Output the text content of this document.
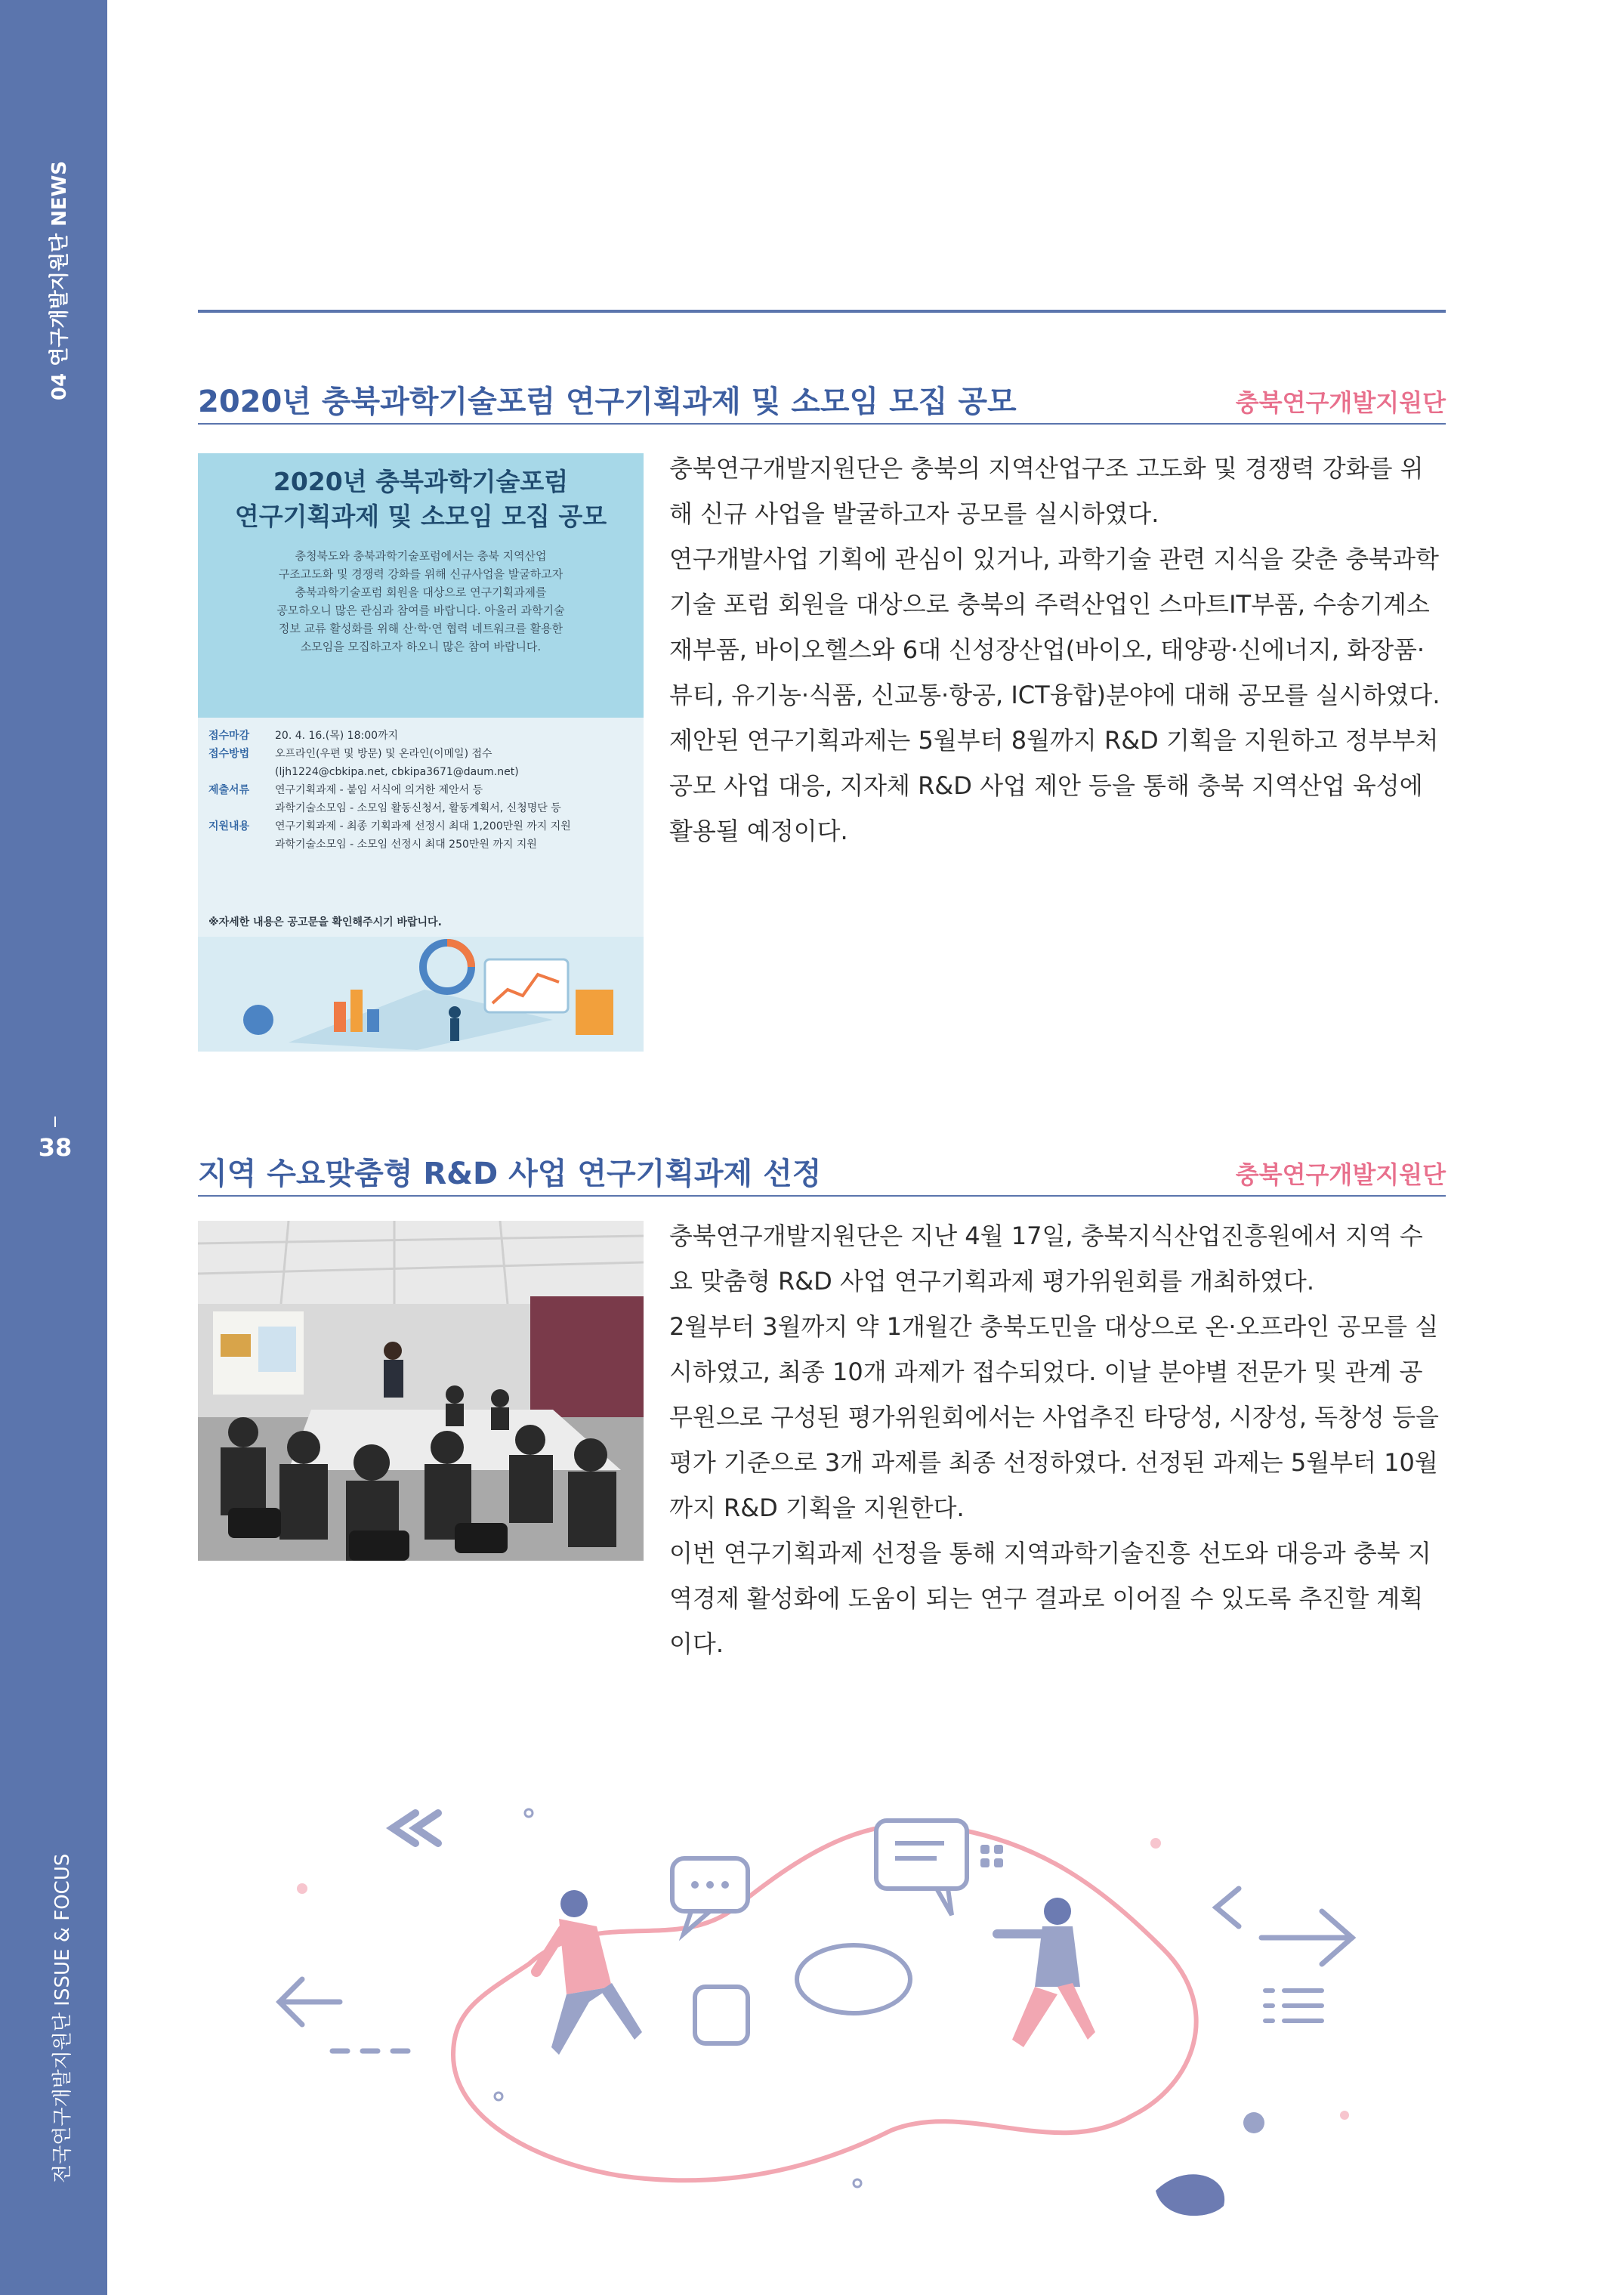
04 연구개발지원단 NEWS
38
전국연구개발지원단 ISSUE & FOCUS
2020년 충북과학기술포럼 연구기획과제 및 소모임 모집 공모	충북연구개발지원단
2020년 충북과학기술포럼
연구기획과제 및 소모임 모집 공모
충청북도와 충북과학기술포럼에서는 충북 지역산업
구조고도화 및 경쟁력 강화를 위해 신규사업을 발굴하고자
충북과학기술포럼 회원을 대상으로 연구기획과제를
공모하오니 많은 관심과 참여를 바랍니다. 아울러 과학기술
정보 교류 활성화를 위해 산·학·연 협력 네트워크를 활용한
소모임을 모집하고자 하오니 많은 참여 바랍니다.
접수마감	20. 4. 16.(목) 18:00까지
접수방법	오프라인(우편 및 방문) 및 온라인(이메일) 접수
(ljh1224@cbkipa.net, cbkipa3671@daum.net)
제출서류	연구기획과제 - 붙임 서식에 의거한 제안서 등
과학기술소모임 - 소모임 활동신청서, 활동계획서, 신청명단 등
지원내용	연구기획과제 - 최종 기획과제 선정시 최대 1,200만원 까지 지원
과학기술소모임 - 소모임 선정시 최대 250만원 까지 지원
※자세한 내용은 공고문을 확인해주시기 바랍니다.

충북연구개발지원단은 충북의 지역산업구조 고도화 및 경쟁력 강화를 위해 신규 사업을 발굴하고자 공모를 실시하였다.

연구개발사업 기획에 관심이 있거나, 과학기술 관련 지식을 갖춘 충북과학기술 포럼 회원을 대상으로 충북의 주력산업인 스마트IT부품, 수송기계소재부품, 바이오헬스와 6대 신성장산업(바이오, 태양광·신에너지, 화장품·뷰티, 유기농·식품, 신교통·항공, ICT융합)분야에 대해 공모를 실시하였다.

제안된 연구기획과제는 5월부터 8월까지 R&D 기획을 지원하고 정부부처 공모 사업 대응, 지자체 R&D 사업 제안 등을 통해 충북 지역산업 육성에 활용될 예정이다.

지역 수요맞춤형 R&D 사업 연구기획과제 선정	충북연구개발지원단

충북연구개발지원단은 지난 4월 17일, 충북지식산업진흥원에서 지역 수요 맞춤형 R&D 사업 연구기획과제 평가위원회를 개최하였다.

2월부터 3월까지 약 1개월간 충북도민을 대상으로 온·오프라인 공모를 실시하였고, 최종 10개 과제가 접수되었다. 이날 분야별 전문가 및 관계 공무원으로 구성된 평가위원회에서는 사업추진 타당성, 시장성, 독창성 등을 평가 기준으로 3개 과제를 최종 선정하였다. 선정된 과제는 5월부터 10월까지 R&D 기획을 지원한다.

이번 연구기획과제 선정을 통해 지역과학기술진흥 선도와 대응과 충북 지역경제 활성화에 도움이 되는 연구 결과로 이어질 수 있도록 추진할 계획이다.
